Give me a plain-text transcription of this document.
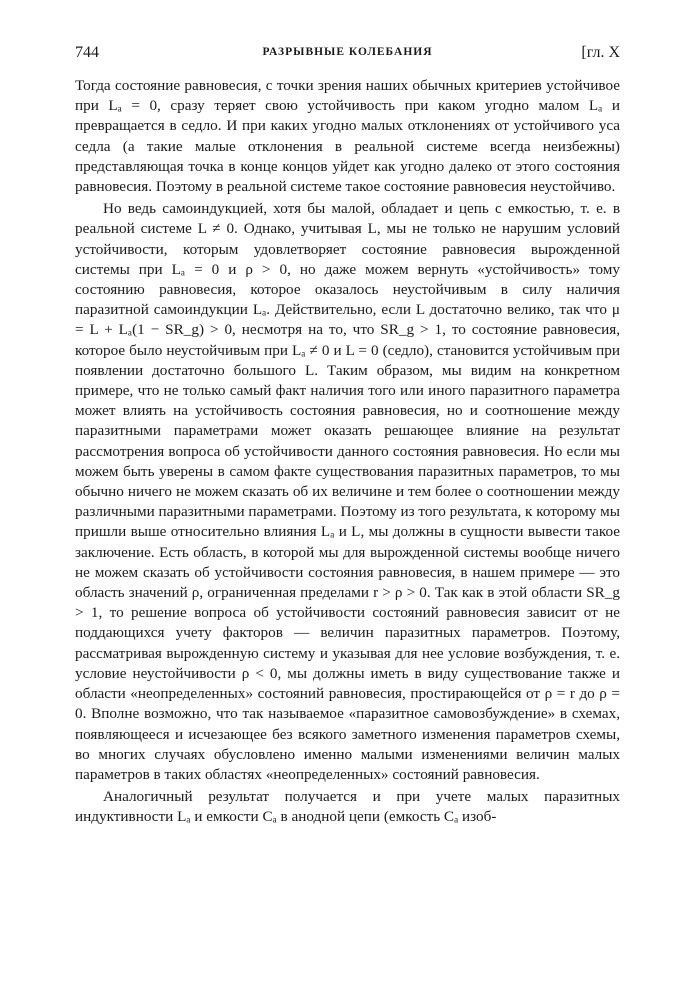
744	РАЗРЫВНЫЕ КОЛЕБАНИЯ	[гл. X

Тогда состояние равновесия, с точки зрения наших обычных критериев устойчивое при Lₐ = 0, сразу теряет свою устойчивость при каком угодно малом Lₐ и превращается в седло. И при каких угодно малых отклонениях от устойчивого уса седла (а такие малые отклонения в реальной системе всегда неизбежны) представляющая точка в конце концов уйдет как угодно далеко от этого состояния равновесия. Поэтому в реальной системе такое состояние равновесия неустойчиво.

Но ведь самоиндукцией, хотя бы малой, обладает и цепь с емкостью, т. е. в реальной системе L ≠ 0. Однако, учитывая L, мы не только не нарушим условий устойчивости, которым удовлетворяет состояние равновесия вырожденной системы при Lₐ = 0 и ρ > 0, но даже можем вернуть «устойчивость» тому состоянию равновесия, которое оказалось неустойчивым в силу наличия паразитной самоиндукции Lₐ. Действительно, если L достаточно велико, так что μ = L + Lₐ(1 − SR_g) > 0, несмотря на то, что SR_g > 1, то состояние равновесия, которое было неустойчивым при Lₐ ≠ 0 и L = 0 (седло), становится устойчивым при появлении достаточно большого L. Таким образом, мы видим на конкретном примере, что не только самый факт наличия того или иного паразитного параметра может влиять на устойчивость состояния равновесия, но и соотношение между паразитными параметрами может оказать решающее влияние на результат рассмотрения вопроса об устойчивости данного состояния равновесия. Но если мы можем быть уверены в самом факте существования паразитных параметров, то мы обычно ничего не можем сказать об их величине и тем более о соотношении между различными паразитными параметрами. Поэтому из того результата, к которому мы пришли выше относительно влияния Lₐ и L, мы должны в сущности вывести такое заключение. Есть область, в которой мы для вырожденной системы вообще ничего не можем сказать об устойчивости состояния равновесия, в нашем примере — это область значений ρ, ограниченная пределами r > ρ > 0. Так как в этой области SR_g > 1, то решение вопроса об устойчивости состояний равновесия зависит от не поддающихся учету факторов — величин паразитных параметров. Поэтому, рассматривая вырожденную систему и указывая для нее условие возбуждения, т. е. условие неустойчивости ρ < 0, мы должны иметь в виду существование также и области «неопределенных» состояний равновесия, простирающейся от ρ = r до ρ = 0. Вполне возможно, что так называемое «паразитное самовозбуждение» в схемах, появляющееся и исчезающее без всякого заметного изменения параметров схемы, во многих случаях обусловлено именно малыми изменениями величин малых параметров в таких областях «неопределенных» состояний равновесия.

Аналогичный результат получается и при учете малых паразитных индуктивности Lₐ и емкости Cₐ в анодной цепи (емкость Cₐ изоб-
